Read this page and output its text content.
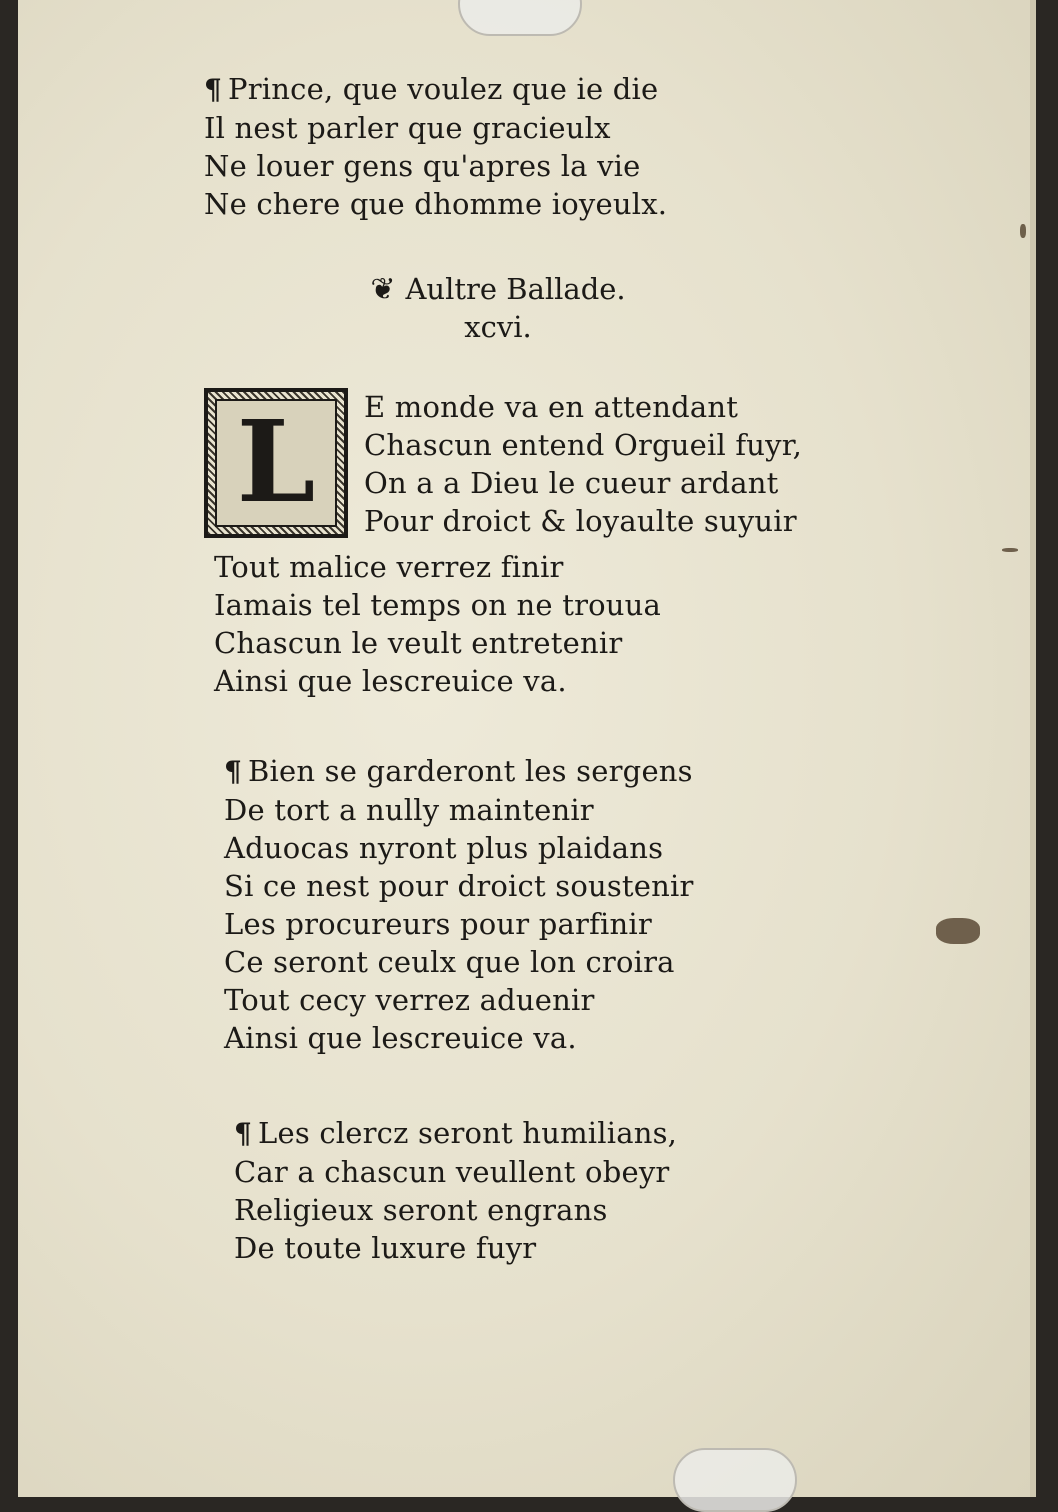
¶ Prince, que voulez que ie die
Il nest parler que gracieulx
Ne louer gens qu'apres la vie
Ne chere que dhomme ioyeulx.
❦ Aultre Ballade.
xcvi.
L E monde va en attendant
Chascun entend Orgueil fuyr,
On a a Dieu le cueur ardant
Pour droict & loyaulte suyuir
Tout malice verrez finir
Iamais tel temps on ne trouua
Chascun le veult entretenir
Ainsi que lescreuice va.
¶ Bien se garderont les sergens
De tort a nully maintenir
Aduocas nyront plus plaidans
Si ce nest pour droict soustenir
Les procureurs pour parfinir
Ce seront ceulx que lon croira
Tout cecy verrez aduenir
Ainsi que lescreuice va.
¶ Les clercz seront humilians,
Car a chascun veullent obeyr
Religieux seront engrans
De toute luxure fuyr
